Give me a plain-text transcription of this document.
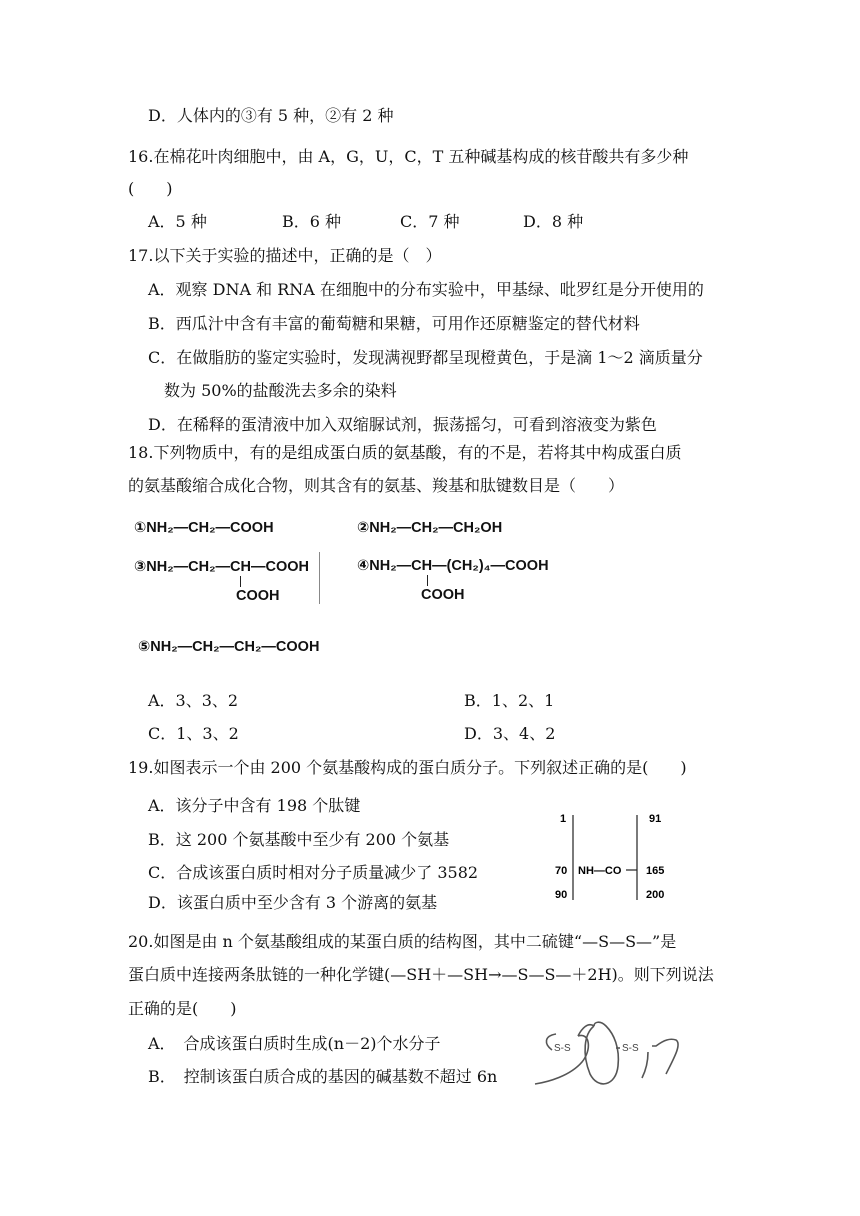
D．人体内的③有 5 种，②有 2 种
16.在棉花叶肉细胞中，由 A，G，U，C，T 五种碱基构成的核苷酸共有多少种
(　　)
A．5 种	B．6 种	C．7 种	D．8 种
17.以下关于实验的描述中，正确的是（　）
A．观察 DNA 和 RNA 在细胞中的分布实验中，甲基绿、吡罗红是分开使用的
B．西瓜汁中含有丰富的葡萄糖和果糖，可用作还原糖鉴定的替代材料
C．在做脂肪的鉴定实验时，发现满视野都呈现橙黄色，于是滴 1～2 滴质量分
数为 50%的盐酸洗去多余的染料
D．在稀释的蛋清液中加入双缩脲试剂，振荡摇匀，可看到溶液变为紫色
18.下列物质中，有的是组成蛋白质的氨基酸，有的不是，若将其中构成蛋白质
的氨基酸缩合成化合物，则其含有的氨基、羧基和肽键数目是（　　）
①NH₂—CH₂—COOH	②NH₂—CH₂—CH₂OH
③NH₂—CH₂—CH—COOH
COOH
④NH₂—CH—(CH₂)₄—COOH
COOH
⑤NH₂—CH₂—CH₂—COOH
A．3、3、2	B．1、2、1
C．1、3、2	D．3、4、2
19.如图表示一个由 200 个氨基酸构成的蛋白质分子。下列叙述正确的是(　　)
A．该分子中含有 198 个肽键
B．这 200 个氨基酸中至少有 200 个氨基
C．合成该蛋白质时相对分子质量减少了 3582
D．该蛋白质中至少含有 3 个游离的氨基
1
70
90
91
165
200
NH—CO
20.如图是由 n 个氨基酸组成的某蛋白质的结构图，其中二硫键“—S—S—”是
蛋白质中连接两条肽链的一种化学键(—SH＋—SH→—S—S—＋2H)。则下列说法
正确的是(　　)
A．　合成该蛋白质时生成(n－2)个水分子
B．　控制该蛋白质合成的基因的碱基数不超过 6n
S-S	S-S
